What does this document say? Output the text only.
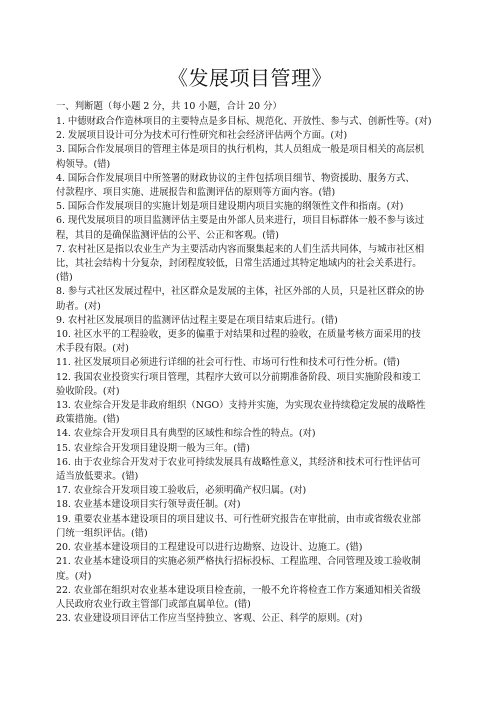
《发展项目管理》
一、判断题（每小题 2 分，共 10 小题，合计 20 分）

1. 中德财政合作造林项目的主要特点是多目标、规范化、开放性、参与式、创新性等。(对)

2. 发展项目设计可分为技术可行性研究和社会经济评估两个方面。(对)

3. 国际合作发展项目的管理主体是项目的执行机构，其人员组成一般是项目相关的高层机

构领导。(错)

4. 国际合作发展项目中所签署的财政协议的主件包括项目细节、物资援助、服务方式、

付款程序、项目实施、进展报告和监测评估的原则等方面内容。(错)

5. 国际合作发展项目的实施计划是项目建设期内项目实施的纲领性文件和指南。(对)

6. 现代发展项目的项目监测评估主要是由外部人员来进行，项目目标群体一般不参与该过

程，其目的是确保监测评估的公平、公正和客观。(错)

7. 农村社区是指以农业生产为主要活动内容而聚集起来的人们生活共同体，与城市社区相

比，其社会结构十分复杂，封闭程度较低，日常生活通过其特定地域内的社会关系进行。

(错)

8. 参与式社区发展过程中，社区群众是发展的主体，社区外部的人员，只是社区群众的协

助者。(对)

9. 农村社区发展项目的监测评估过程主要是在项目结束后进行。(错)

10. 社区水平的工程验收，更多的偏重于对结果和过程的验收，在质量考核方面采用的技

术手段有限。(对)

11. 社区发展项目必须进行详细的社会可行性、市场可行性和技术可行性分析。(错)

12. 我国农业投资实行项目管理，其程序大致可以分前期准备阶段、项目实施阶段和竣工

验收阶段。(对)

13. 农业综合开发是非政府组织（NGO）支持并实施，为实现农业持续稳定发展的战略性

政策措施。(错)

14. 农业综合开发项目具有典型的区域性和综合性的特点。(对)

15. 农业综合开发项目建设期一般为三年。(错)

16. 由于农业综合开发对于农业可持续发展具有战略性意义，其经济和技术可行性评估可

适当放低要求。(错)

17. 农业综合开发项目竣工验收后，必须明确产权归属。(对)

18. 农业基本建设项目实行领导责任制。(对)

19. 重要农业基本建设项目的项目建议书、可行性研究报告在审批前，由市或省级农业部

门统一组织评估。(错)

20. 农业基本建设项目的工程建设可以进行边勘察、边设计、边施工。(错)

21. 农业基本建设项目的实施必须严格执行招标投标、工程监理、合同管理及竣工验收制

度。(对)

22. 农业部在组织对农业基本建设项目检查前，一般不允许将检查工作方案通知相关省级

人民政府农业行政主管部门或部直属单位。(错)

23. 农业建设项目评估工作应当坚持独立、客观、公正、科学的原则。(对)
